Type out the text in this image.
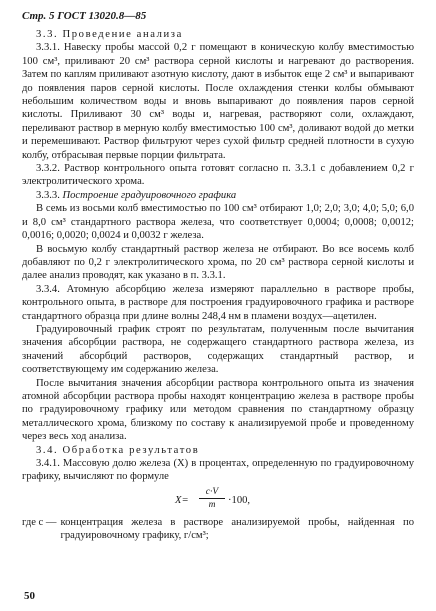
Стр. 5 ГОСТ 13020.8—85

3.3. Проведение анализа

3.3.1. Навеску пробы массой 0,2 г помещают в коническую колбу вместимостью 100 см³, приливают 20 см³ раствора серной кислоты и нагревают до растворения. Затем по каплям приливают азотную кислоту, дают в избыток еще 2 см³ и выпаривают до появления паров серной кислоты. После охлаждения стенки колбы обмывают небольшим количеством воды и вновь выпаривают до появления паров серной кислоты. Приливают 30 см³ воды и, нагревая, растворяют соли, охлаждают, переливают раствор в мерную колбу вместимостью 100 см³, доливают водой до метки и перемешивают. Раствор фильтруют через сухой фильтр средней плотности в сухую колбу, отбрасывая первые порции фильтрата.

3.3.2. Раствор контрольного опыта готовят согласно п. 3.3.1 с добавлением 0,2 г электролитического хрома.

3.3.3. Построение градуировочного графика

В семь из восьми колб вместимостью по 100 см³ отбирают 1,0; 2,0; 3,0; 4,0; 5,0; 6,0 и 8,0 см³ стандартного раствора железа, что соответствует 0,0004; 0,0008; 0,0012; 0,0016; 0,0020; 0,0024 и 0,0032 г железа.

В восьмую колбу стандартный раствор железа не отбирают. Во все восемь колб добавляют по 0,2 г электролитического хрома, по 20 см³ раствора серной кислоты и далее анализ проводят, как указано в п. 3.3.1.

3.3.4. Атомную абсорбцию железа измеряют параллельно в растворе пробы, контрольного опыта, в растворе для построения градуировочного графика и растворе стандартного образца при длине волны 248,4 нм в пламени воздух—ацетилен.

Градуировочный график строят по результатам, полученным после вычитания значения абсорбции раствора, не содержащего стандартного раствора железа, из значений абсорбций растворов, содержащих стандартный раствор, и соответствующему им содержанию железа.

После вычитания значения абсорбции раствора контрольного опыта из значения атомной абсорбции раствора пробы находят концентрацию железа в растворе пробы по градуировочному графику или методом сравнения по стандартному образцу металлического хрома, близкому по составу к анализируемой пробе и проведенному через весь ход анализа.

3.4. Обработка результатов

3.4.1. Массовую долю железа (X) в процентах, определенную по градуировочному графику, вычисляют по формуле

$X= \frac{c\cdot V}{m} \cdot 100$,
где c — концентрация железа в растворе анализируемой пробы, найденная по градуировочному графику, г/см³;
50
